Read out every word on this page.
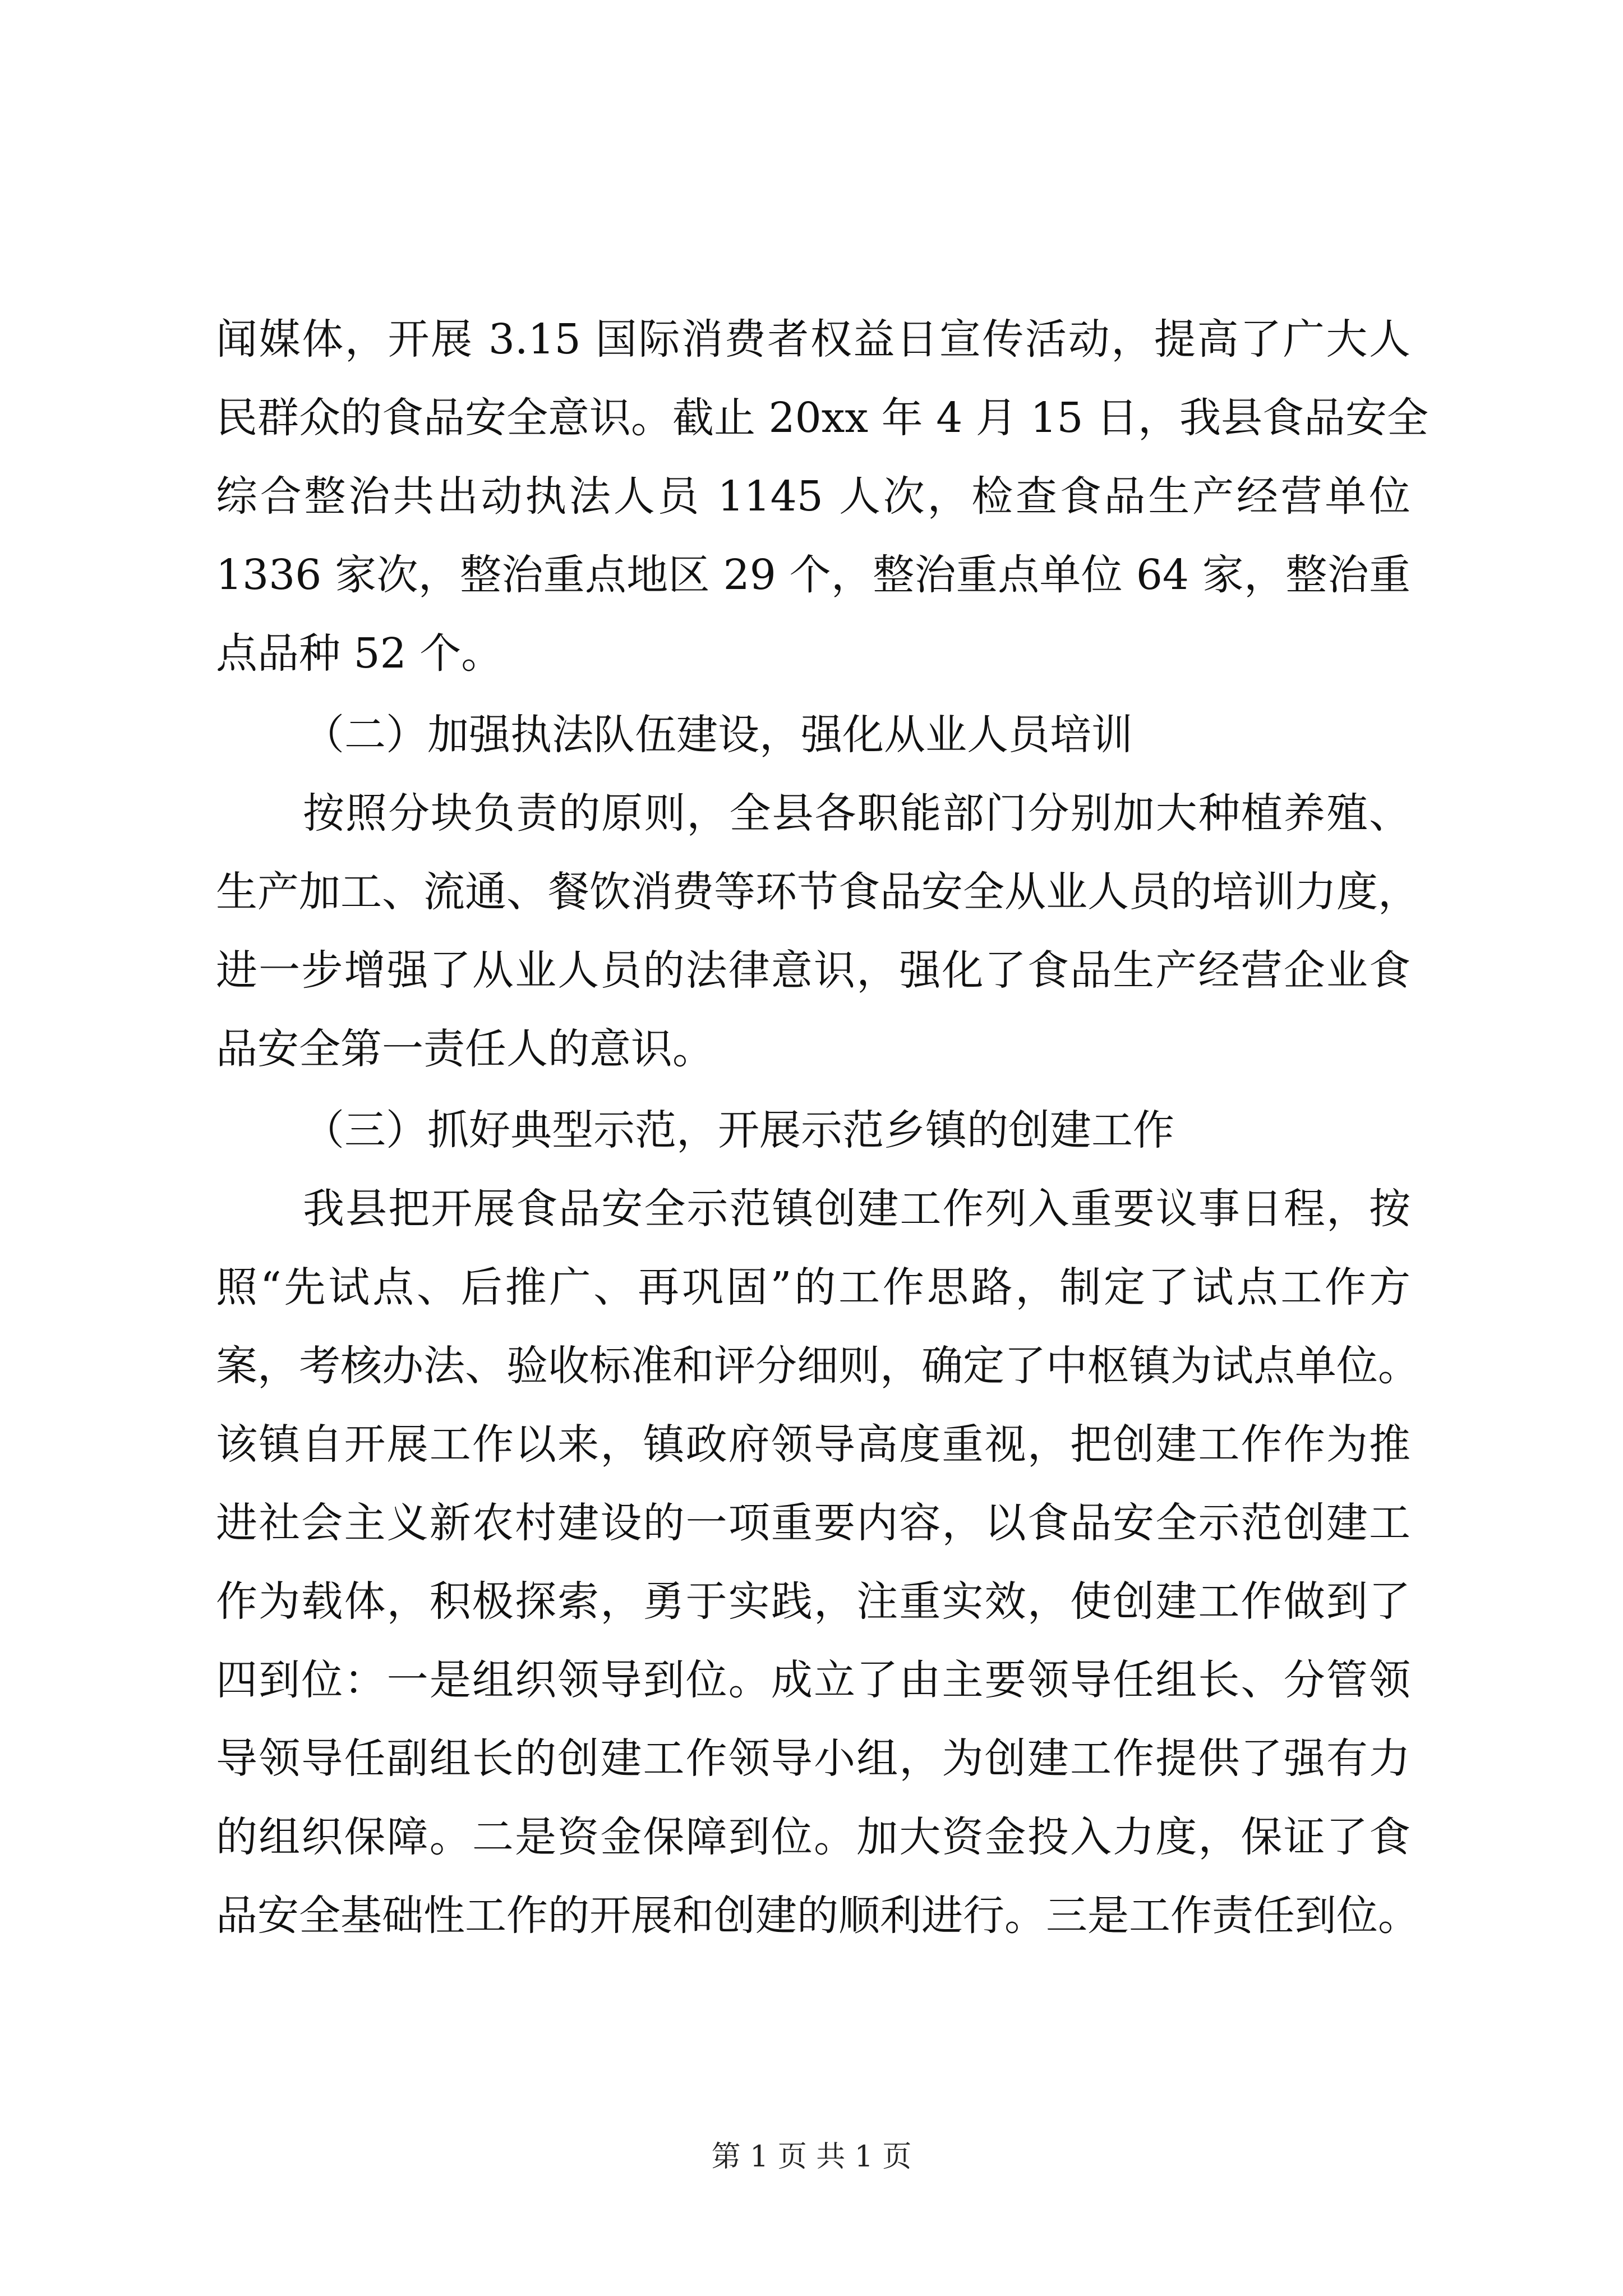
闻媒体，开展 3.15 国际消费者权益日宣传活动，提高了广大人
民群众的食品安全意识。截止 20xx 年 4 月 15 日，我县食品安全
综合整治共出动执法人员 1145 人次，检查食品生产经营单位
1336 家次，整治重点地区 29 个，整治重点单位 64 家，整治重
点品种 52 个。
（二）加强执法队伍建设，强化从业人员培训
按照分块负责的原则，全县各职能部门分别加大种植养殖、
生产加工、流通、餐饮消费等环节食品安全从业人员的培训力度，
进一步增强了从业人员的法律意识，强化了食品生产经营企业食
品安全第一责任人的意识。
（三）抓好典型示范，开展示范乡镇的创建工作
我县把开展食品安全示范镇创建工作列入重要议事日程，按
照“先试点、后推广、再巩固”的工作思路，制定了试点工作方
案，考核办法、验收标准和评分细则，确定了中枢镇为试点单位。
该镇自开展工作以来，镇政府领导高度重视，把创建工作作为推
进社会主义新农村建设的一项重要内容，以食品安全示范创建工
作为载体，积极探索，勇于实践，注重实效，使创建工作做到了
四到位：一是组织领导到位。成立了由主要领导任组长、分管领
导领导任副组长的创建工作领导小组，为创建工作提供了强有力
的组织保障。二是资金保障到位。加大资金投入力度，保证了食
品安全基础性工作的开展和创建的顺利进行。三是工作责任到位。
第 1 页 共 1 页
